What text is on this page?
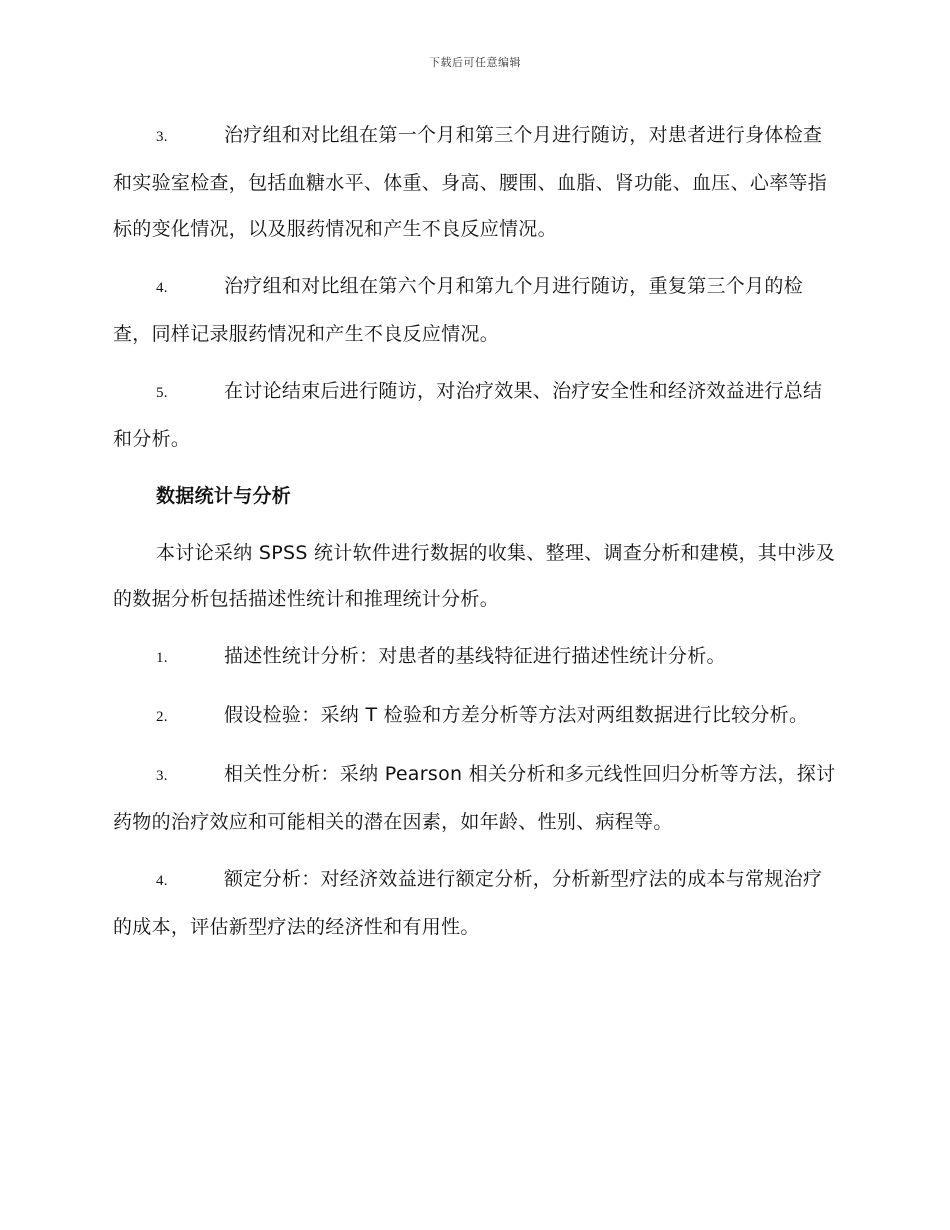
下载后可任意编辑

3.	治疗组和对比组在第一个月和第三个月进行随访，对患者进行身体检查和实验室检查，包括血糖水平、体重、身高、腰围、血脂、肾功能、血压、心率等指标的变化情况，以及服药情况和产生不良反应情况。

4.	治疗组和对比组在第六个月和第九个月进行随访，重复第三个月的检查，同样记录服药情况和产生不良反应情况。

5.	在讨论结束后进行随访，对治疗效果、治疗安全性和经济效益进行总结和分析。

数据统计与分析

本讨论采纳 SPSS 统计软件进行数据的收集、整理、调查分析和建模，其中涉及的数据分析包括描述性统计和推理统计分析。

1.	描述性统计分析：对患者的基线特征进行描述性统计分析。

2.	假设检验：采纳 T 检验和方差分析等方法对两组数据进行比较分析。

3.	相关性分析：采纳 Pearson 相关分析和多元线性回归分析等方法，探讨药物的治疗效应和可能相关的潜在因素，如年龄、性别、病程等。

4.	额定分析：对经济效益进行额定分析，分析新型疗法的成本与常规治疗的成本，评估新型疗法的经济性和有用性。
